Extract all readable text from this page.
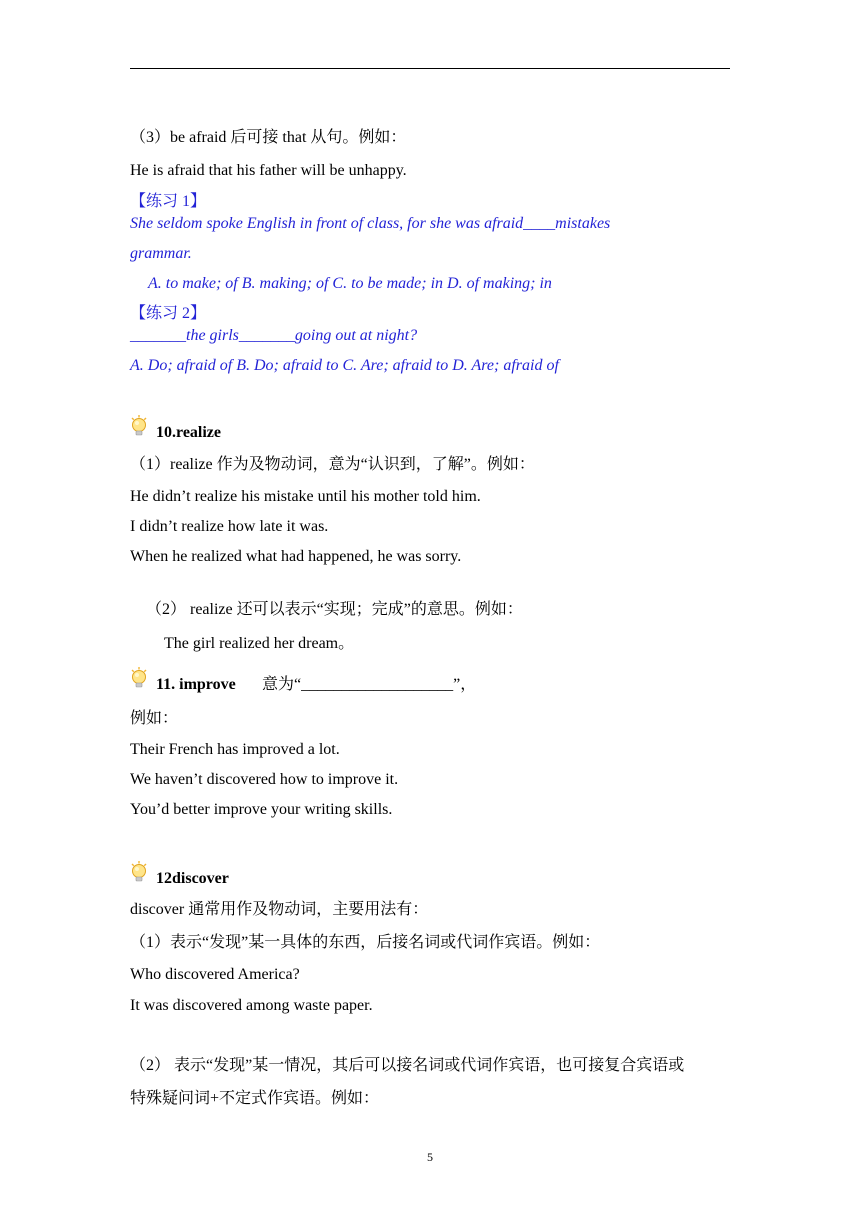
（3）be afraid 后可接 that 从句。例如：
He is afraid that his father will be unhappy.
【练习 1】
She seldom spoke English in front of class, for she was afraid____mistakes
grammar.
A. to make; of B. making; of C. to be made; in D. of making; in
【练习 2】
_______the girls_______going out at night?
A. Do; afraid of B. Do; afraid to C. Are; afraid to D. Are; afraid of
10.realize
（1）realize 作为及物动词，意为“认识到，了解”。例如：
He didn’t realize his mistake until his mother told him.
I didn’t realize how late it was.
When he realized what had happened, he was sorry.
（2） realize 还可以表示“实现；完成”的意思。例如：
The girl realized her dream。
11. improve 意为“___________________”，
例如：
Their French has improved a lot.
We haven’t discovered how to improve it.
You’d better improve your writing skills.
12discover
discover 通常用作及物动词，主要用法有：
（1）表示“发现”某一具体的东西，后接名词或代词作宾语。例如：
Who discovered America?
It was discovered among waste paper.
（2） 表示“发现”某一情况，其后可以接名词或代词作宾语，也可接复合宾语或
特殊疑问词+不定式作宾语。例如：
5
